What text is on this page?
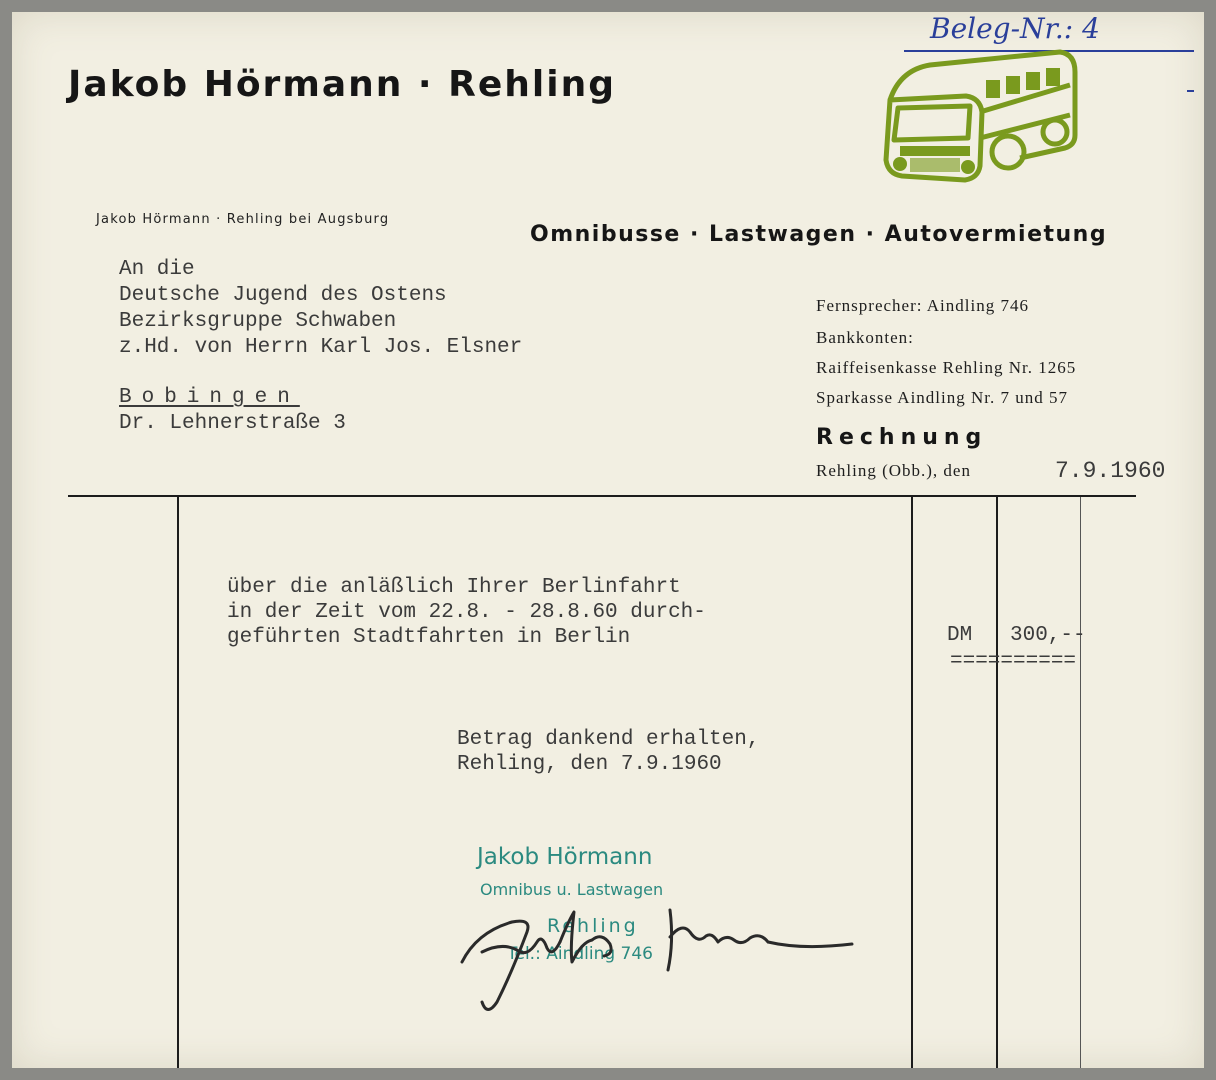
Beleg-Nr.: 4
Jakob Hörmann · Rehling
Jakob Hörmann · Rehling bei Augsburg
Omnibusse · Lastwagen · Autovermietung
An die
Deutsche Jugend des Ostens
Bezirksgruppe Schwaben
z.Hd. von Herrn Karl Jos. Elsner
Bobingen
Dr. Lehnerstraße 3
Fernsprecher: Aindling 746
Bankkonten:
Raiffeisenkasse Rehling Nr. 1265
Sparkasse Aindling Nr. 7 und 57
Rechnung
Rehling (Obb.), den	7.9.1960
über die anläßlich Ihrer Berlinfahrt
in der Zeit vom 22.8. - 28.8.60 durch-
geführten Stadtfahrten in Berlin	DM 300,--
==========
Betrag dankend erhalten,
Rehling, den 7.9.1960
Jakob Hörmann
Omnibus u. Lastwagen
Rehling
Tel.: Aindling 746
